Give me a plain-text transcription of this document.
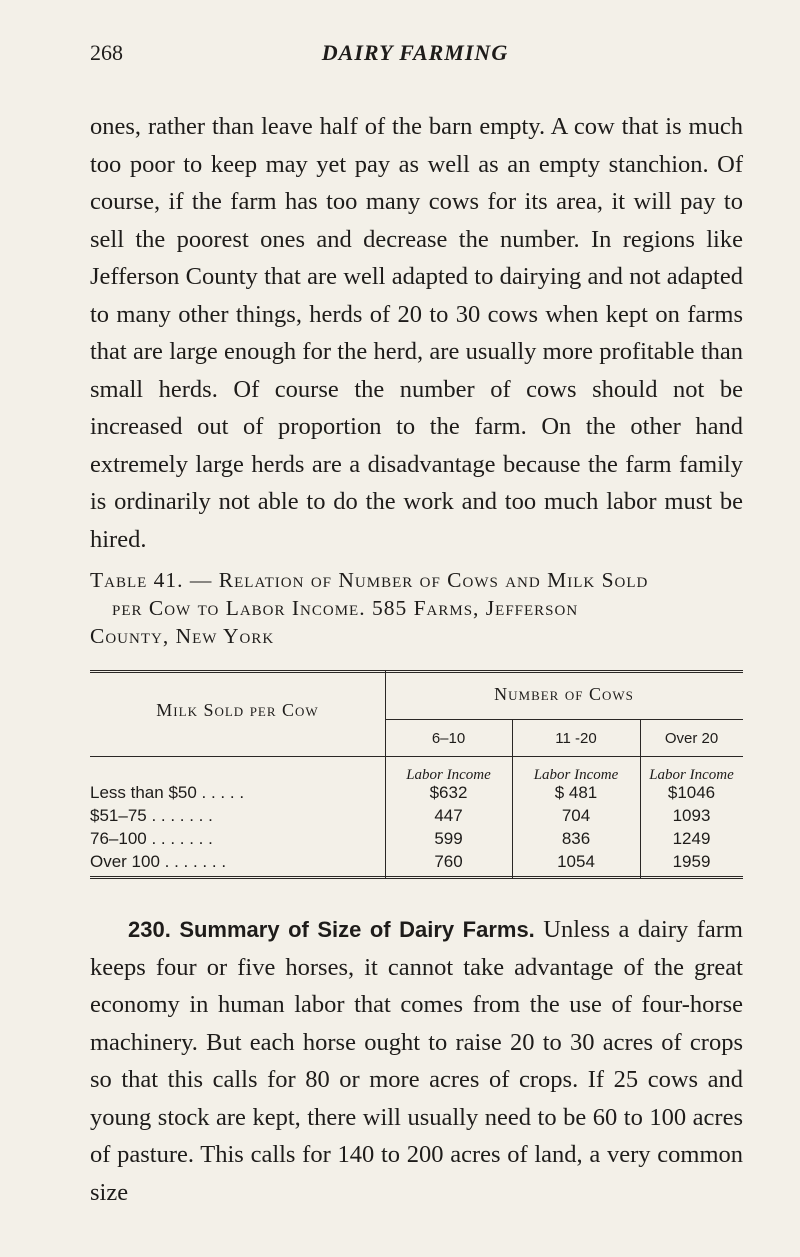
268	DAIRY FARMING

ones, rather than leave half of the barn empty. A cow that is much too poor to keep may yet pay as well as an empty stanchion. Of course, if the farm has too many cows for its area, it will pay to sell the poorest ones and decrease the number. In regions like Jefferson County that are well adapted to dairying and not adapted to many other things, herds of 20 to 30 cows when kept on farms that are large enough for the herd, are usually more profitable than small herds. Of course the number of cows should not be increased out of proportion to the farm. On the other hand extremely large herds are a disadvantage because the farm family is ordinarily not able to do the work and too much labor must be hired.

Table 41. — Relation of Number of Cows and Milk Sold
per Cow to Labor Income. 585 Farms, Jefferson
County, New York
Milk Sold per Cow
Number of Cows
6–10	11 -20	Over 20
Labor Income	Labor Income	Labor Income
Less than $50 . . . . .	$632	$ 481	$1046
$51–75 . . . . . . .	447	704	1093
76–100 . . . . . . .	599	836	1249
Over 100 . . . . . . .	760	1054	1959

230. Summary of Size of Dairy Farms. Unless a dairy farm keeps four or five horses, it cannot take advantage of the great economy in human labor that comes from the use of four-horse machinery. But each horse ought to raise 20 to 30 acres of crops so that this calls for 80 or more acres of crops. If 25 cows and young stock are kept, there will usually need to be 60 to 100 acres of pasture. This calls for 140 to 200 acres of land, a very common size
